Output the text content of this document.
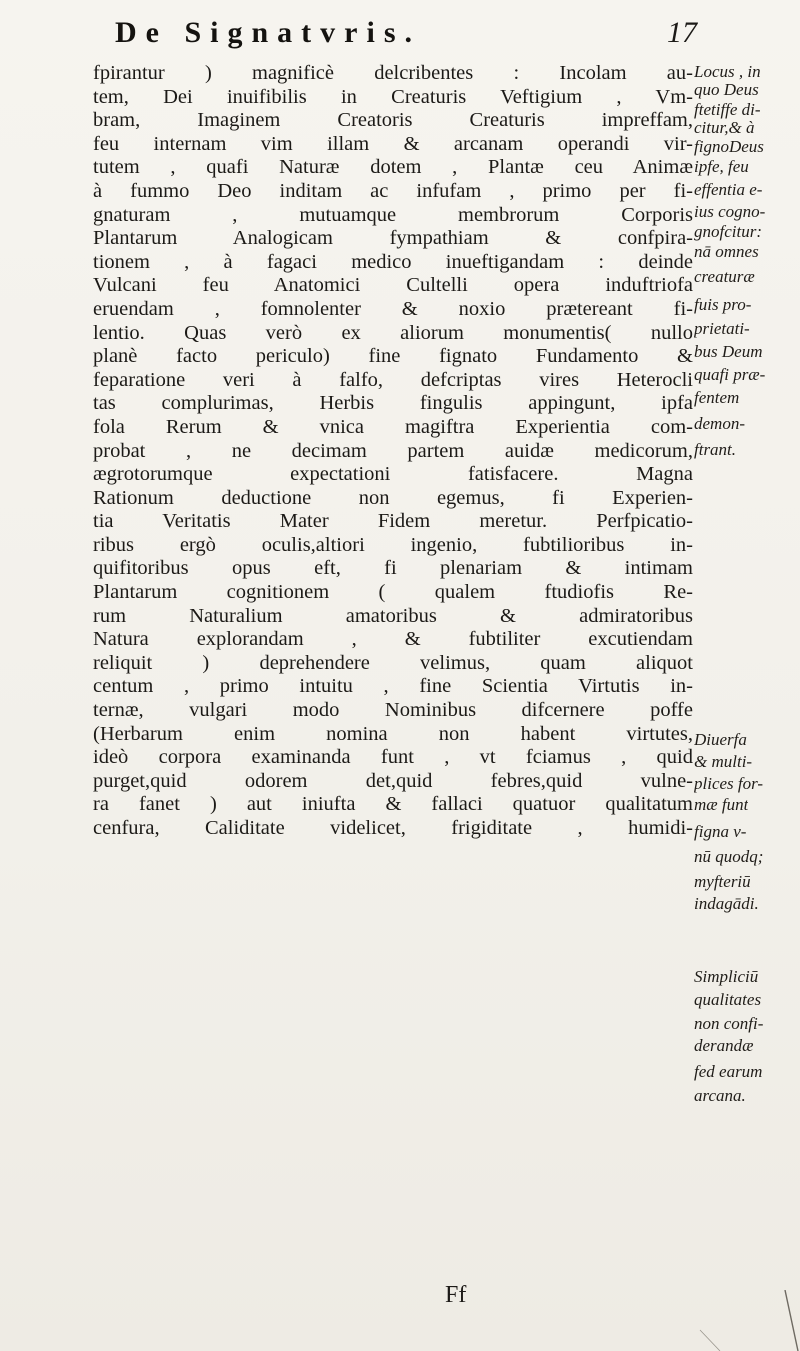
De Signatvris.	17
fpirantur ) magnificè delcribentes : Incolam au-
tem, Dei inuifibilis in Creaturis Veftigium , Vm-
bram, Imaginem Creatoris Creaturis impreffam,
feu internam vim illam & arcanam operandi vir-
tutem , quafi Naturæ dotem , Plantæ ceu Animæ
à fummo Deo inditam ac infufam , primo per fi-
gnaturam , mutuamque membrorum Corporis
Plantarum Analogicam fympathiam & confpira-
tionem , à fagaci medico inueftigandam : deinde
Vulcani feu Anatomici Cultelli opera induftriofa
eruendam , fomnolenter & noxio prætereant fi-
lentio. Quas verò ex aliorum monumentis( nullo
planè facto periculo) fine fignato Fundamento &
feparatione veri à falfo, defcriptas vires Heterocli
tas complurimas, Herbis fingulis appingunt, ipfa
fola Rerum & vnica magiftra Experientia com-
probat , ne decimam partem auidæ medicorum,
ægrotorumque expectationi fatisfacere. Magna
Rationum deductione non egemus, fi Experien-
tia Veritatis Mater Fidem meretur. Perfpicatio-
ribus ergò oculis,altiori ingenio, fubtilioribus in-
quifitoribus opus eft, fi plenariam & intimam
Plantarum cognitionem ( qualem ftudiofis Re-
rum Naturalium amatoribus & admiratoribus
Natura explorandam , & fubtiliter excutiendam
reliquit ) deprehendere velimus, quam aliquot
centum , primo intuitu , fine Scientia Virtutis in-
ternæ, vulgari modo Nominibus difcernere poffe
(Herbarum enim nomina non habent virtutes,
ideò corpora examinanda funt , vt fciamus , quid
purget,quid odorem det,quid febres,quid vulne-
ra fanet ) aut iniufta & fallaci quatuor qualitatum
cenfura, Caliditate videlicet, frigiditate , humidi-
Locus , in
quo Deus
ftetiffe di-
citur,& à
fignoDeus
ipfe, feu
effentia e-
ius cogno-
gnofcitur:
nā omnes
creaturæ
fuis pro-
prietati-
bus Deum
quafi præ-
fentem
demon-
ftrant.
Diuerfa
& multi-
plices for-
mæ funt
figna v-
nū quodq;
myfteriū
indagādi.
Simpliciū
qualitates
non confi-
derandæ
fed earum
arcana.
Ff
